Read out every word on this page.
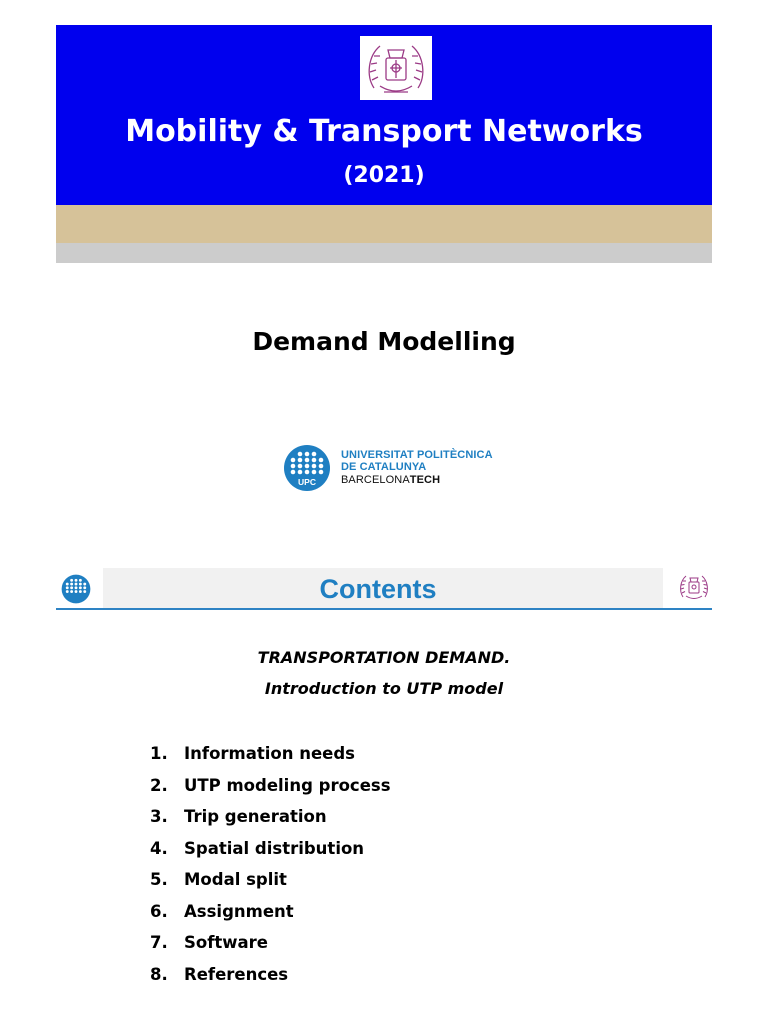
Mobility & Transport Networks
(2021)
Demand Modelling
UPC
UNIVERSITAT POLITÈCNICA
DE CATALUNYA
BARCELONATECH
Contents
TRANSPORTATION DEMAND.
Introduction to UTP model
1. Information needs
2. UTP modeling process
3. Trip generation
4. Spatial distribution
5. Modal split
6. Assignment
7. Software
8. References
